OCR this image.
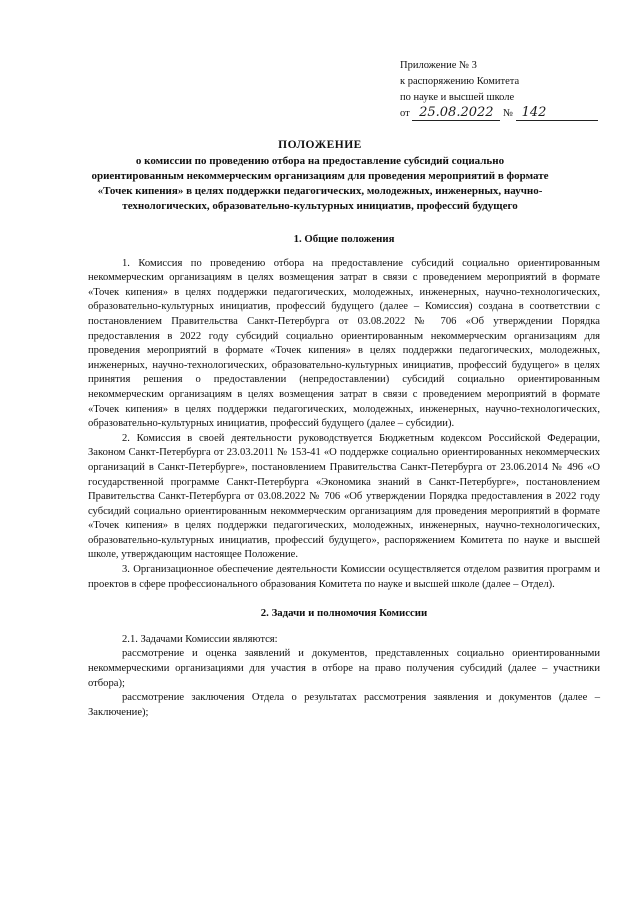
Приложение № 3
к распоряжению Комитета
по науке и высшей школе
от 25.08.2022 № 142
ПОЛОЖЕНИЕ
о комиссии по проведению отбора на предоставление субсидий социально ориентированным некоммерческим организациям для проведения мероприятий в формате «Точек кипения» в целях поддержки педагогических, молодежных, инженерных, научно-технологических, образовательно-культурных инициатив, профессий будущего
1. Общие положения

1. Комиссия по проведению отбора на предоставление субсидий социально ориентированным некоммерческим организациям в целях возмещения затрат в связи с проведением мероприятий в формате «Точек кипения» в целях поддержки педагогических, молодежных, инженерных, научно-технологических, образовательно-культурных инициатив, профессий будущего (далее – Комиссия) создана в соответствии с постановлением Правительства Санкт-Петербурга от 03.08.2022 № 706 «Об утверждении Порядка предоставления в 2022 году субсидий социально ориентированным некоммерческим организациям для проведения мероприятий в формате «Точек кипения» в целях поддержки педагогических, молодежных, инженерных, научно-технологических, образовательно-культурных инициатив, профессий будущего» в целях принятия решения о предоставлении (непредоставлении) субсидий социально ориентированным некоммерческим организациям в целях возмещения затрат в связи с проведением мероприятий в формате «Точек кипения» в целях поддержки педагогических, молодежных, инженерных, научно-технологических, образовательно-культурных инициатив, профессий будущего (далее – субсидии).

2. Комиссия в своей деятельности руководствуется Бюджетным кодексом Российской Федерации, Законом Санкт-Петербурга от 23.03.2011 № 153-41 «О поддержке социально ориентированных некоммерческих организаций в Санкт-Петербурге», постановлением Правительства Санкт-Петербурга от 23.06.2014 № 496 «О государственной программе Санкт-Петербурга «Экономика знаний в Санкт-Петербурге», постановлением Правительства Санкт-Петербурга от 03.08.2022 № 706 «Об утверждении Порядка предоставления в 2022 году субсидий социально ориентированным некоммерческим организациям для проведения мероприятий в формате «Точек кипения» в целях поддержки педагогических, молодежных, инженерных, научно-технологических, образовательно-культурных инициатив, профессий будущего», распоряжением Комитета по науке и высшей школе, утверждающим настоящее Положение.

3. Организационное обеспечение деятельности Комиссии осуществляется отделом развития программ и проектов в сфере профессионального образования Комитета по науке и высшей школе (далее – Отдел).

2. Задачи и полномочия Комиссии

2.1. Задачами Комиссии являются:

рассмотрение и оценка заявлений и документов, представленных социально ориентированными некоммерческими организациями для участия в отборе на право получения субсидий (далее – участники отбора);

рассмотрение заключения Отдела о результатах рассмотрения заявления и документов (далее – Заключение);
